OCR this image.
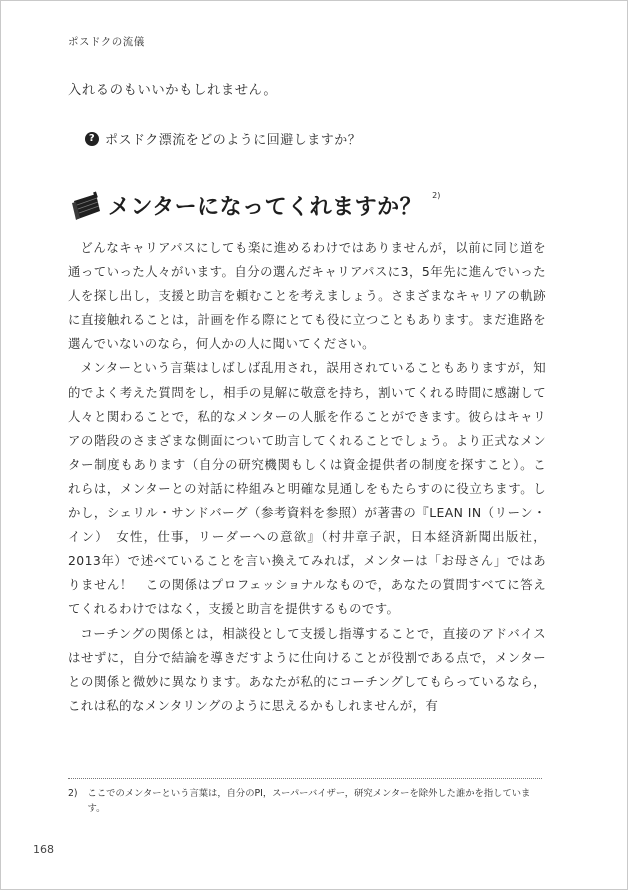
ポスドクの流儀
入れるのもいいかもしれません。
? ポスドク漂流をどのように回避しますか？
メンターになってくれますか？ 2)

どんなキャリアパスにしても楽に進めるわけではありませんが，以前に同じ道を通っていった人々がいます。自分の選んだキャリアパスに3，5年先に進んでいった人を探し出し，支援と助言を頼むことを考えましょう。さまざまなキャリアの軌跡に直接触れることは，計画を作る際にとても役に立つこともあります。まだ進路を選んでいないのなら，何人かの人に聞いてください。

メンターという言葉はしばしば乱用され，誤用されていることもありますが，知的でよく考えた質問をし，相手の見解に敬意を持ち，割いてくれる時間に感謝して人々と関わることで，私的なメンターの人脈を作ることができます。彼らはキャリアの階段のさまざまな側面について助言してくれることでしょう。より正式なメンター制度もあります（自分の研究機関もしくは資金提供者の制度を探すこと）。これらは，メンターとの対話に枠組みと明確な見通しをもたらすのに役立ちます。しかし，シェリル・サンドバーグ（参考資料を参照）が著書の『LEAN IN（リーン・イン）　女性，仕事，リーダーへの意欲』（村井章子訳，日本経済新聞出版社，2013年）で述べていることを言い換えてみれば，メンターは「お母さん」ではありません！　この関係はプロフェッショナルなもので，あなたの質問すべてに答えてくれるわけではなく，支援と助言を提供するものです。

コーチングの関係とは，相談役として支援し指導することで，直接のアドバイスはせずに，自分で結論を導きだすように仕向けることが役割である点で，メンターとの関係と微妙に異なります。あなたが私的にコーチングしてもらっているなら，これは私的なメンタリングのように思えるかもしれませんが，有

2) ここでのメンターという言葉は，自分のPI，スーパーバイザー，研究メンターを除外した誰かを指しています。
168
